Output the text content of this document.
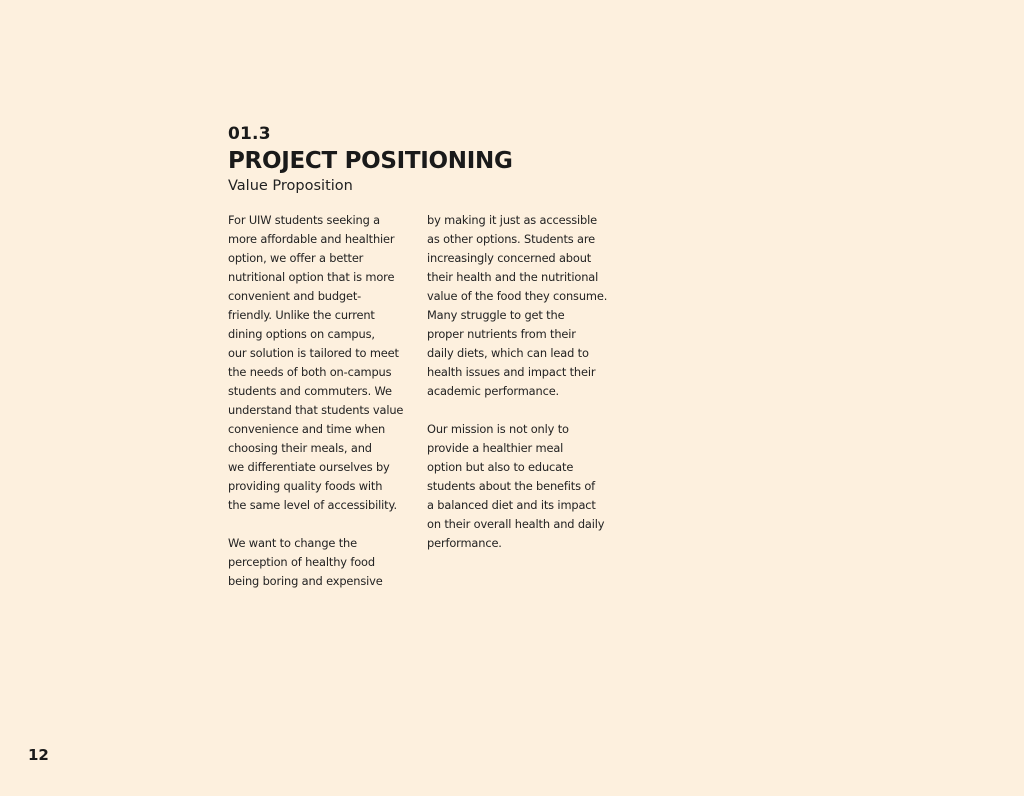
01.3
PROJECT POSITIONING
Value Proposition
For UIW students seeking a
more affordable and healthier
option, we offer a better
nutritional option that is more
convenient and budget-
friendly. Unlike the current
dining options on campus,
our solution is tailored to meet
the needs of both on-campus
students and commuters. We
understand that students value
convenience and time when
choosing their meals, and
we differentiate ourselves by
providing quality foods with
the same level of accessibility.
We want to change the
perception of healthy food
being boring and expensive
by making it just as accessible
as other options. Students are
increasingly concerned about
their health and the nutritional
value of the food they consume.
Many struggle to get the
proper nutrients from their
daily diets, which can lead to
health issues and impact their
academic performance.
Our mission is not only to
provide a healthier meal
option but also to educate
students about the benefits of
a balanced diet and its impact
on their overall health and daily
performance.
12
